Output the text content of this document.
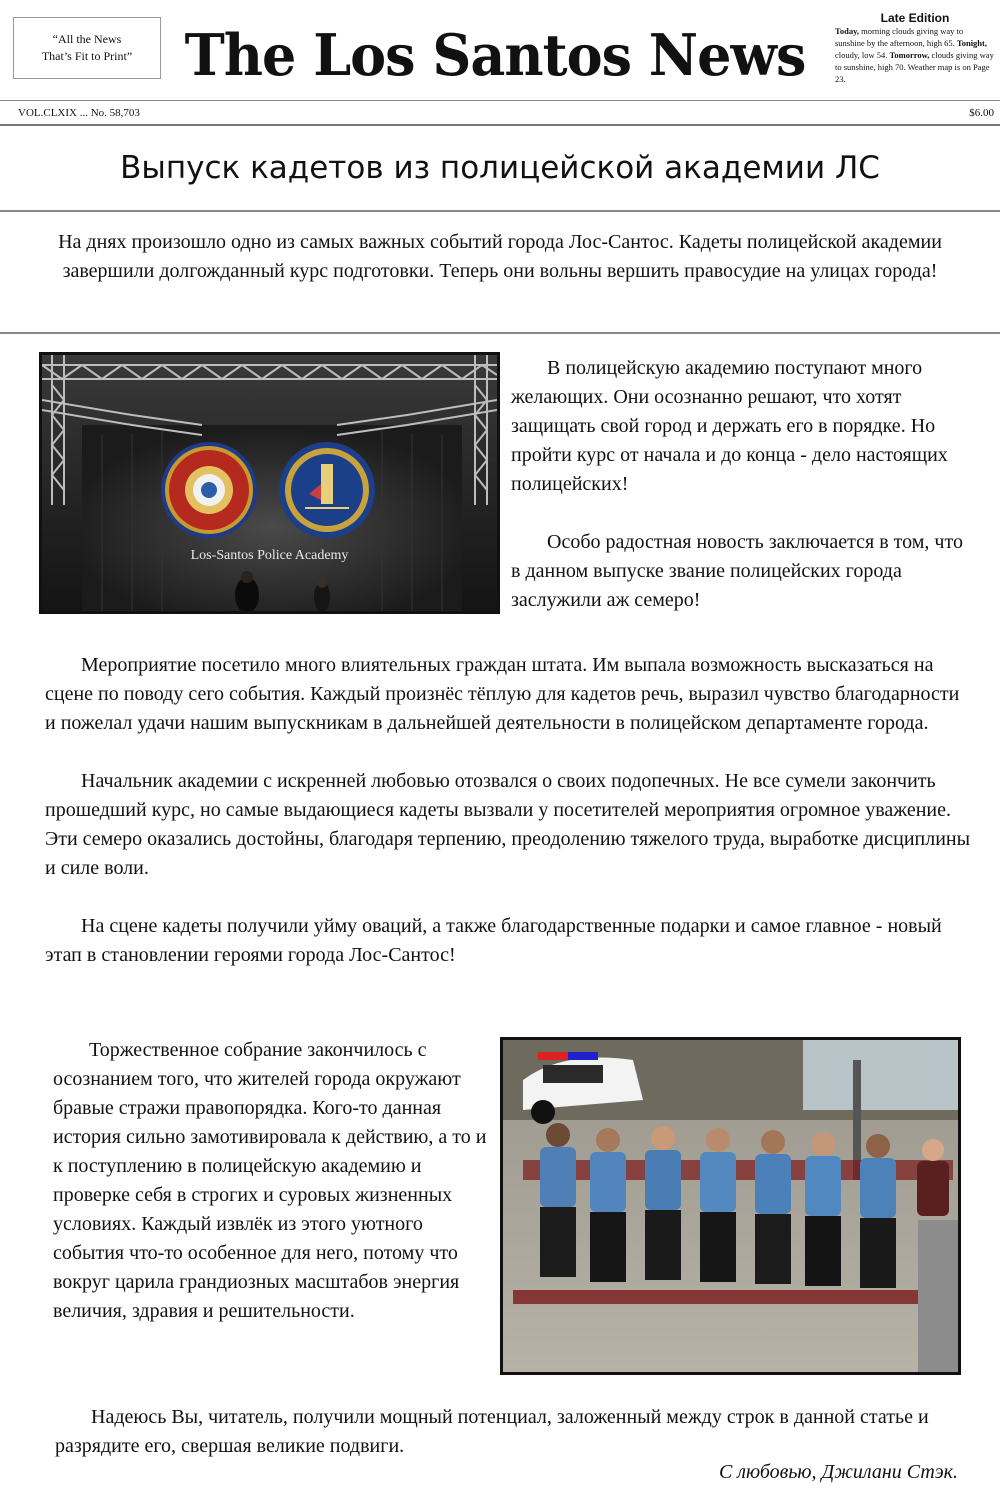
“All the News
That’s Fit to Print” The Los Santos News
Late Edition
Today, morning clouds giving way to sunshine by the afternoon, high 65. Tonight, cloudy, low 54. Tomorrow, clouds giving way to sunshine, high 70. Weather map is on Page 23.
VOL.CLXIX ... No. 58,703	$6.00
Выпуск кадетов из полицейской академии ЛС
На днях произошло одно из самых важных событий города Лос-Сантос. Кадеты полицейской академии завершили долгожданный курс подготовки. Теперь они вольны вершить правосудие на улицах города!
Los-Santos Police Academy

В полицейскую академию поступают много желающих. Они осознанно решают, что хотят защищать свой город и держать его в порядке. Но пройти курс от начала и до конца - дело настоящих полицейских!

Особо радостная новость заключается в том, что в данном выпуске звание полицейских города заслужили аж семеро!

Мероприятие посетило много влиятельных граждан штата. Им выпала возможность высказаться на сцене по поводу сего события. Каждый произнёс тёплую для кадетов речь, выразил чувство благодарности и пожелал удачи нашим выпускникам в дальнейшей деятельности в полицейском департаменте города.

Начальник академии с искренней любовью отозвался о своих подопечных. Не все сумели закончить прошедший курс, но самые выдающиеся кадеты вызвали у посетителей мероприятия огромное уважение. Эти семеро оказались достойны, благодаря терпению, преодолению тяжелого труда, выработке дисциплины и силе воли.

На сцене кадеты получили уйму оваций, а также благодарственные подарки и самое главное - новый этап в становлении героями города Лос-Сантос!

Торжественное собрание закончилось с осознанием того, что жителей города окружают бравые стражи правопорядка. Кого-то данная история сильно замотивировала к действию, а то и к поступлению в полицейскую академию и проверке себя в строгих и суровых жизненных условиях. Каждый извлёк из этого уютного события что-то особенное для него, потому что вокруг царила грандиозных масштабов энергия величия, здравия и решительности.

Надеюсь Вы, читатель, получили мощный потенциал, заложенный между строк в данной статье и разрядите его, свершая великие подвиги.

С любовью, Джилани Стэк.
